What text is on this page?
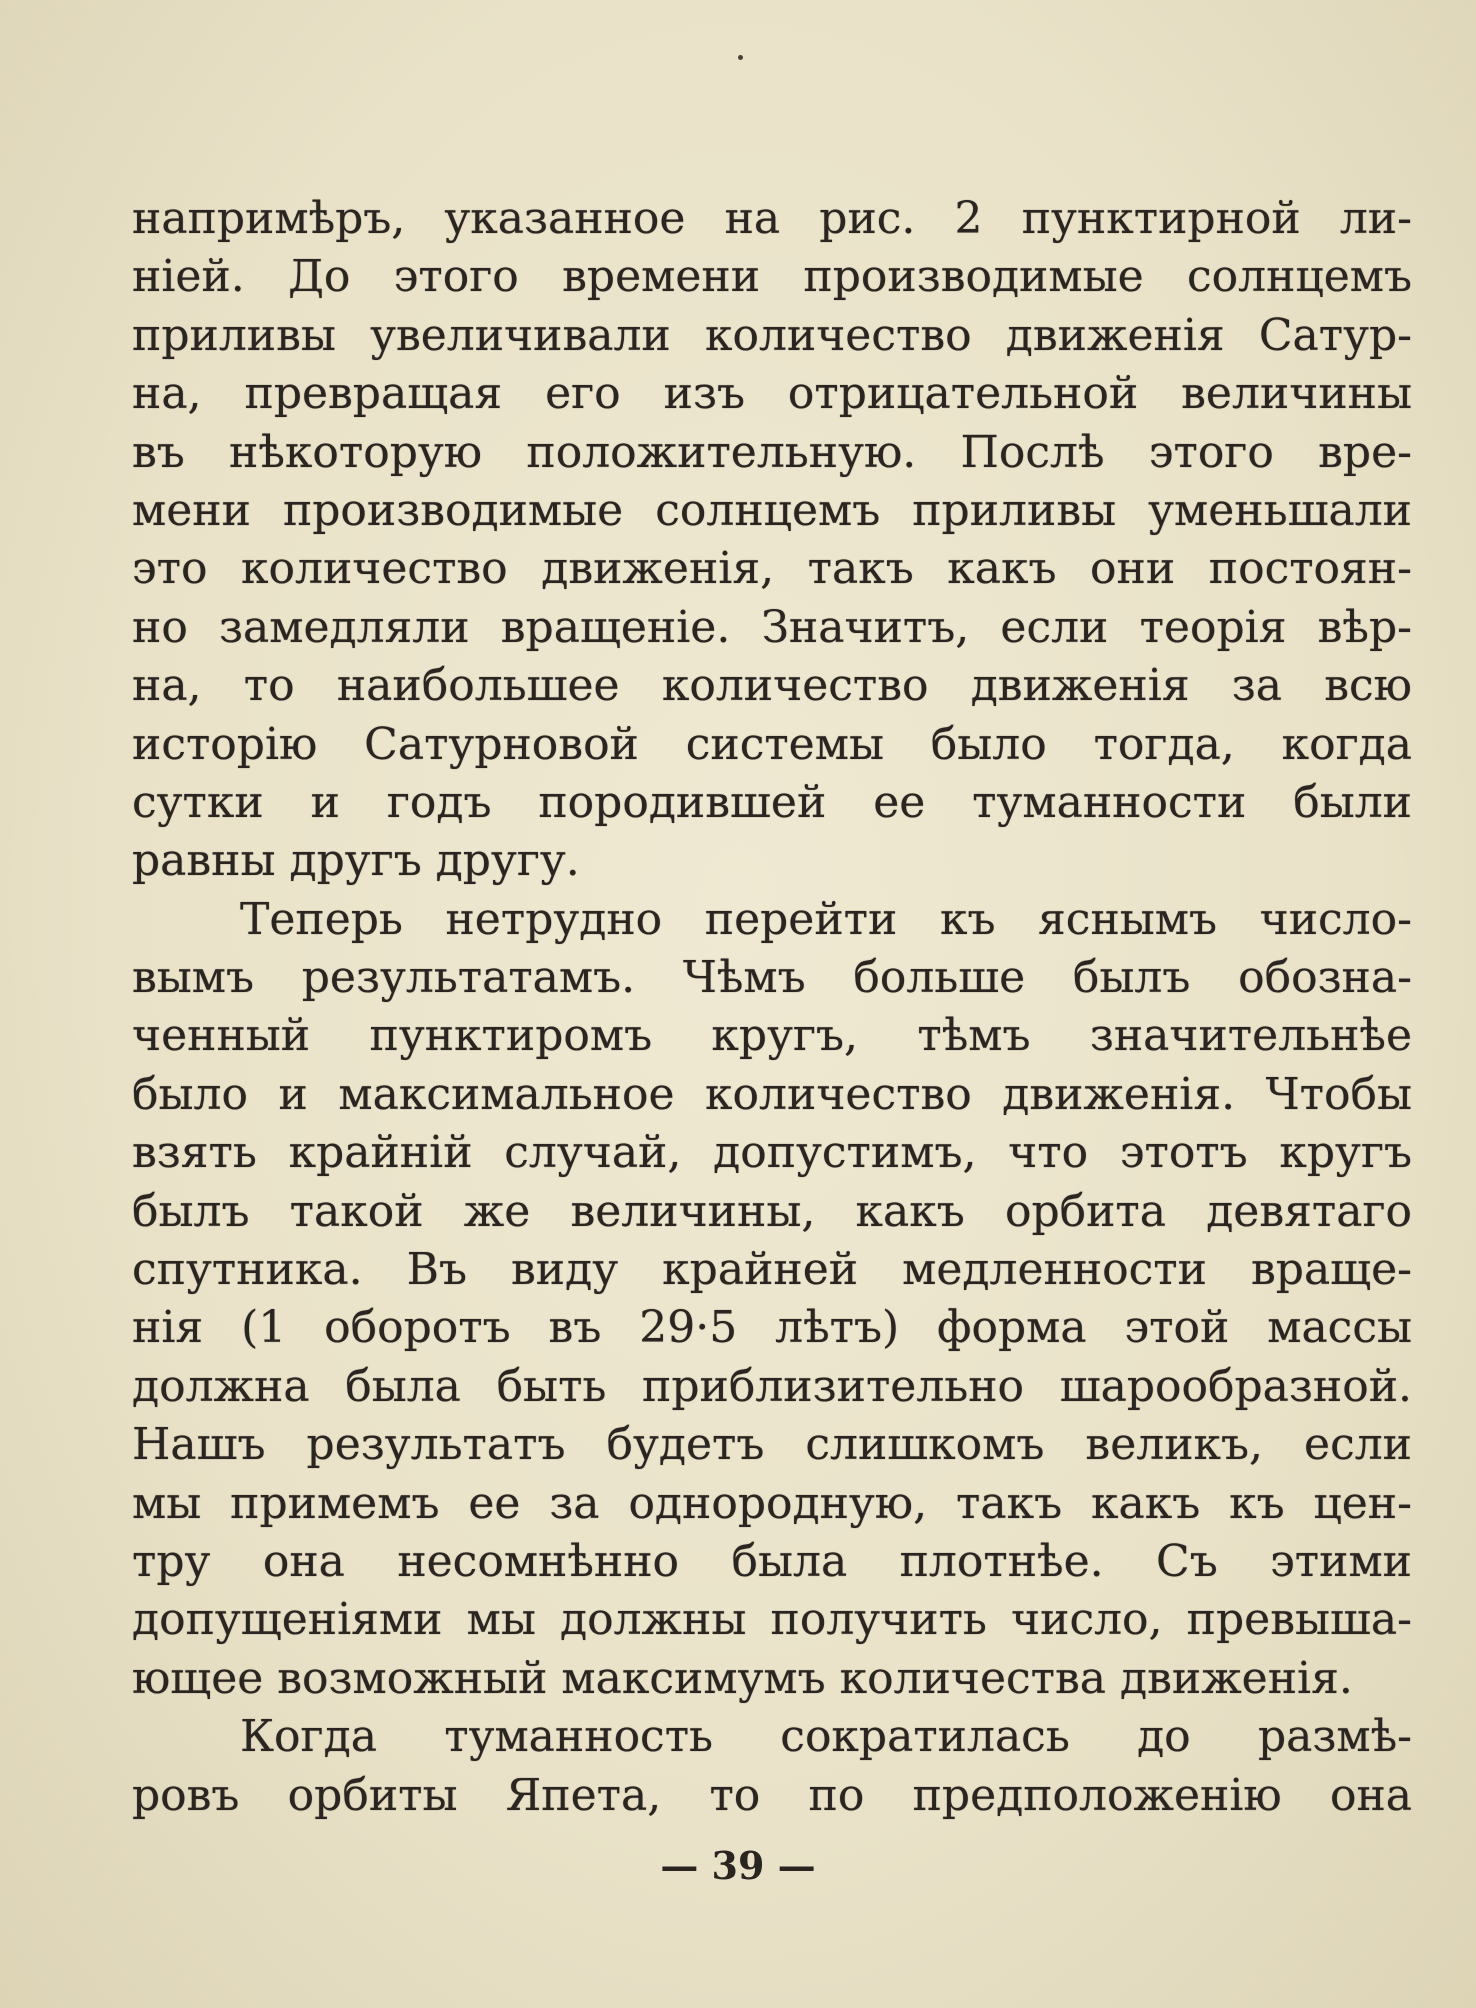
напримѣръ, указанное на рис. 2 пунктирной ли-
ніей. До этого времени производимые солнцемъ
приливы увеличивали количество движенія Сатур-
на, превращая его изъ отрицательной величины
въ нѣкоторую положительную. Послѣ этого вре-
мени производимые солнцемъ приливы уменьшали
это количество движенія, такъ какъ они постоян-
но замедляли вращеніе. Значитъ, если теорія вѣр-
на, то наибольшее количество движенія за всю
исторію Сатурновой системы было тогда, когда
сутки и годъ породившей ее туманности были
равны другъ другу.
Теперь нетрудно перейти къ яснымъ число-
вымъ результатамъ. Чѣмъ больше былъ обозна-
ченный пунктиромъ кругъ, тѣмъ значительнѣе
было и максимальное количество движенія. Чтобы
взять крайній случай, допустимъ, что этотъ кругъ
былъ такой же величины, какъ орбита девятаго
спутника. Въ виду крайней медленности враще-
нія (1 оборотъ въ 29·5 лѣтъ) форма этой массы
должна была быть приблизительно шарообразной.
Нашъ результатъ будетъ слишкомъ великъ, если
мы примемъ ее за однородную, такъ какъ къ цен-
тру она несомнѣнно была плотнѣе. Съ этими
допущеніями мы должны получить число, превыша-
ющее возможный максимумъ количества движенія.
Когда туманность сократилась до размѣ-
ровъ орбиты Япета, то по предположенію она
— 39 —
